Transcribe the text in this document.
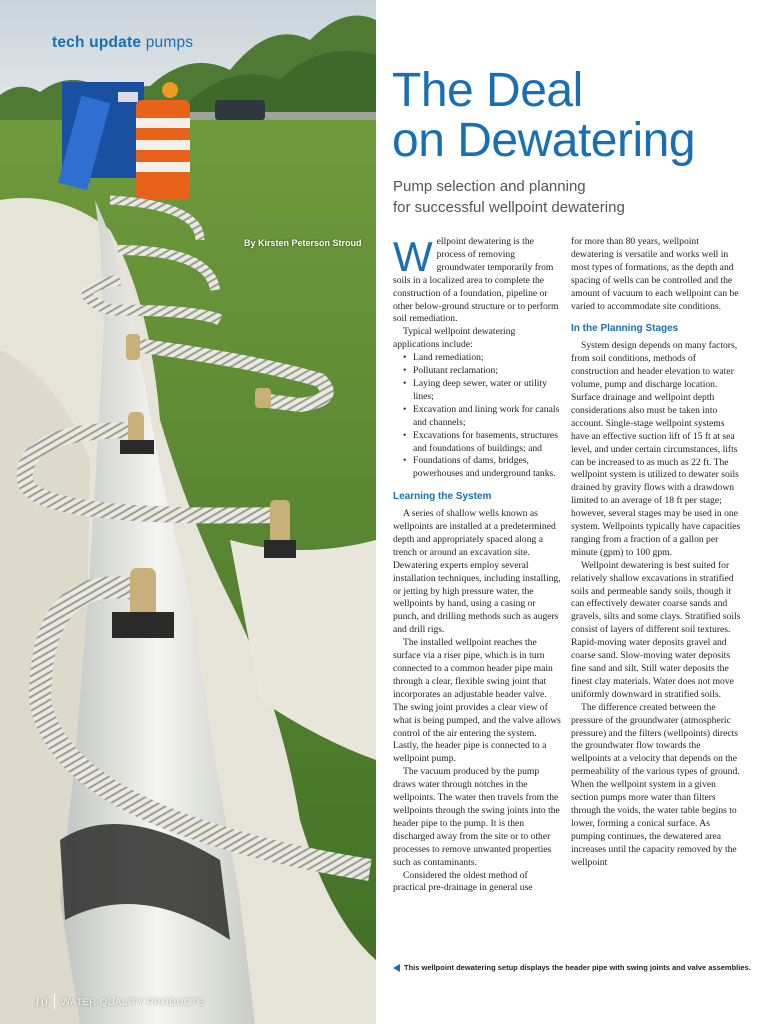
tech update pumps
By Kirsten Peterson Stroud
10 WATER QUALITY PRODUCTS
The Deal
on Dewatering
Pump selection and planning
for successful wellpoint dewatering

Wellpoint dewatering is the process of removing groundwater temporarily from soils in a localized area to complete the construction of a foundation, pipeline or other below-ground structure or to perform soil remediation.

Typical wellpoint dewatering applications include:

• Land remediation;
• Pollutant reclamation;
• Laying deep sewer, water or utility lines;
• Excavation and lining work for canals and channels;
• Excavations for basements, structures and foundations of buildings; and
• Foundations of dams, bridges, powerhouses and underground tanks.
Learning the System

A series of shallow wells known as wellpoints are installed at a predetermined depth and appropriately spaced along a trench or around an excavation site. Dewatering experts employ several installation techniques, including installing, or jetting by high pressure water, the wellpoints by hand, using a casing or punch, and drilling methods such as augers and drill rigs.

The installed wellpoint reaches the surface via a riser pipe, which is in turn connected to a common header pipe main through a clear, flexible swing joint that incorporates an adjustable header valve. The swing joint provides a clear view of what is being pumped, and the valve allows control of the air entering the system. Lastly, the header pipe is connected to a wellpoint pump.

The vacuum produced by the pump draws water through notches in the wellpoints. The water then travels from the wellpoints through the swing joints into the header pipe to the pump. It is then discharged away from the site or to other processes to remove unwanted properties such as contaminants.

Considered the oldest method of practical pre-drainage in general use

for more than 80 years, wellpoint dewatering is versatile and works well in most types of formations, as the depth and spacing of wells can be controlled and the amount of vacuum to each wellpoint can be varied to accommodate site conditions.

In the Planning Stages

System design depends on many factors, from soil conditions, methods of construction and header elevation to water volume, pump and discharge location. Surface drainage and wellpoint depth considerations also must be taken into account. Single-stage wellpoint systems have an effective suction lift of 15 ft at sea level, and under certain circumstances, lifts can be increased to as much as 22 ft. The wellpoint system is utilized to dewater soils drained by gravity flows with a drawdown limited to an average of 18 ft per stage; however, several stages may be used in one system. Wellpoints typically have capacities ranging from a fraction of a gallon per minute (gpm) to 100 gpm.

Wellpoint dewatering is best suited for relatively shallow excavations in stratified soils and permeable sandy soils, though it can effectively dewater coarse sands and gravels, silts and some clays. Stratified soils consist of layers of different soil textures. Rapid-moving water deposits gravel and coarse sand. Slow-moving water deposits fine sand and silt. Still water deposits the finest clay materials. Water does not move uniformly downward in stratified soils.

The difference created between the pressure of the groundwater (atmospheric pressure) and the filters (wellpoints) directs the groundwater flow towards the wellpoints at a velocity that depends on the permeability of the various types of ground. When the wellpoint system in a given section pumps more water than filters through the voids, the water table begins to lower, forming a conical surface. As pumping continues, the dewatered area increases until the capacity removed by the wellpoint

This wellpoint dewatering setup displays the header pipe with swing joints and valve assemblies.
